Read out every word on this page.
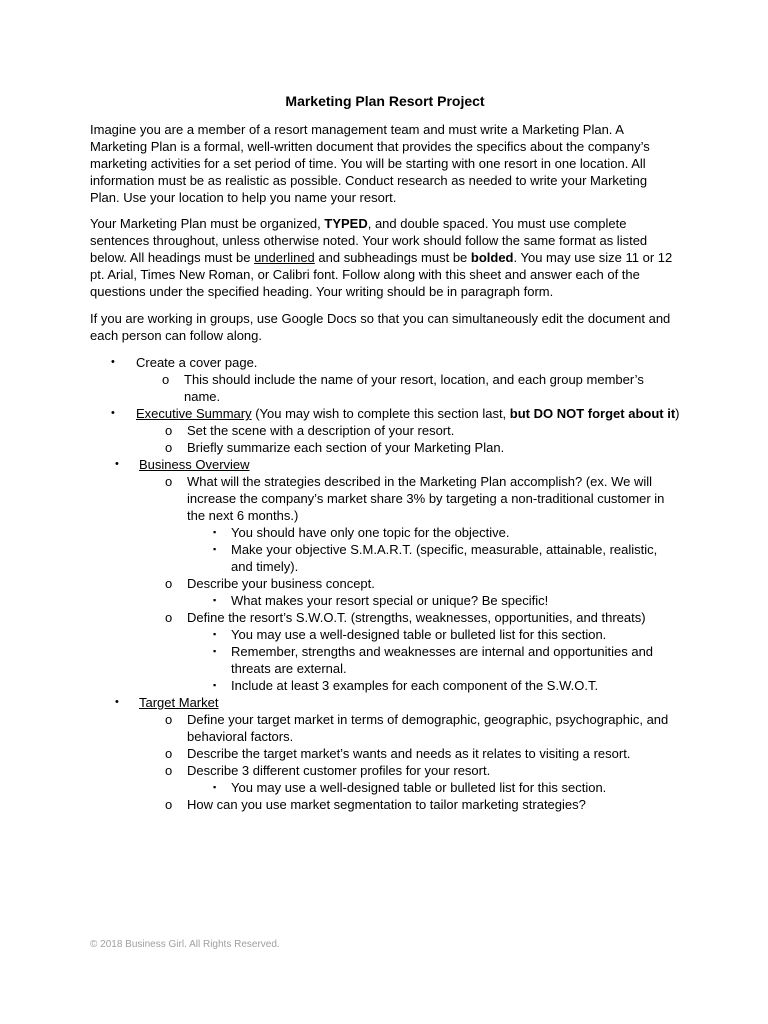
Marketing Plan Resort Project

Imagine you are a member of a resort management team and must write a Marketing Plan. A Marketing Plan is a formal, well-written document that provides the specifics about the company’s marketing activities for a set period of time. You will be starting with one resort in one location. All information must be as realistic as possible. Conduct research as needed to write your Marketing Plan. Use your location to help you name your resort.

Your Marketing Plan must be organized, TYPED, and double spaced. You must use complete sentences throughout, unless otherwise noted. Your work should follow the same format as listed below. All headings must be underlined and subheadings must be bolded. You may use size 11 or 12 pt. Arial, Times New Roman, or Calibri font. Follow along with this sheet and answer each of the questions under the specified heading. Your writing should be in paragraph form.

If you are working in groups, use Google Docs so that you can simultaneously edit the document and each person can follow along.

• Create a cover page.
o This should include the name of your resort, location, and each group member’s name.
• Executive Summary (You may wish to complete this section last, but DO NOT forget about it)
o Set the scene with a description of your resort.
o Briefly summarize each section of your Marketing Plan.
• Business Overview
o What will the strategies described in the Marketing Plan accomplish? (ex. We will increase the company’s market share 3% by targeting a non-traditional customer in the next 6 months.)
▪ You should have only one topic for the objective.
▪ Make your objective S.M.A.R.T. (specific, measurable, attainable, realistic, and timely).
o Describe your business concept.
▪ What makes your resort special or unique? Be specific!
o Define the resort’s S.W.O.T. (strengths, weaknesses, opportunities, and threats)
▪ You may use a well-designed table or bulleted list for this section.
▪ Remember, strengths and weaknesses are internal and opportunities and threats are external.
▪ Include at least 3 examples for each component of the S.W.O.T.
• Target Market
o Define your target market in terms of demographic, geographic, psychographic, and behavioral factors.
o Describe the target market’s wants and needs as it relates to visiting a resort.
o Describe 3 different customer profiles for your resort.
▪ You may use a well-designed table or bulleted list for this section.
o How can you use market segmentation to tailor marketing strategies?
© 2018 Business Girl. All Rights Reserved.
